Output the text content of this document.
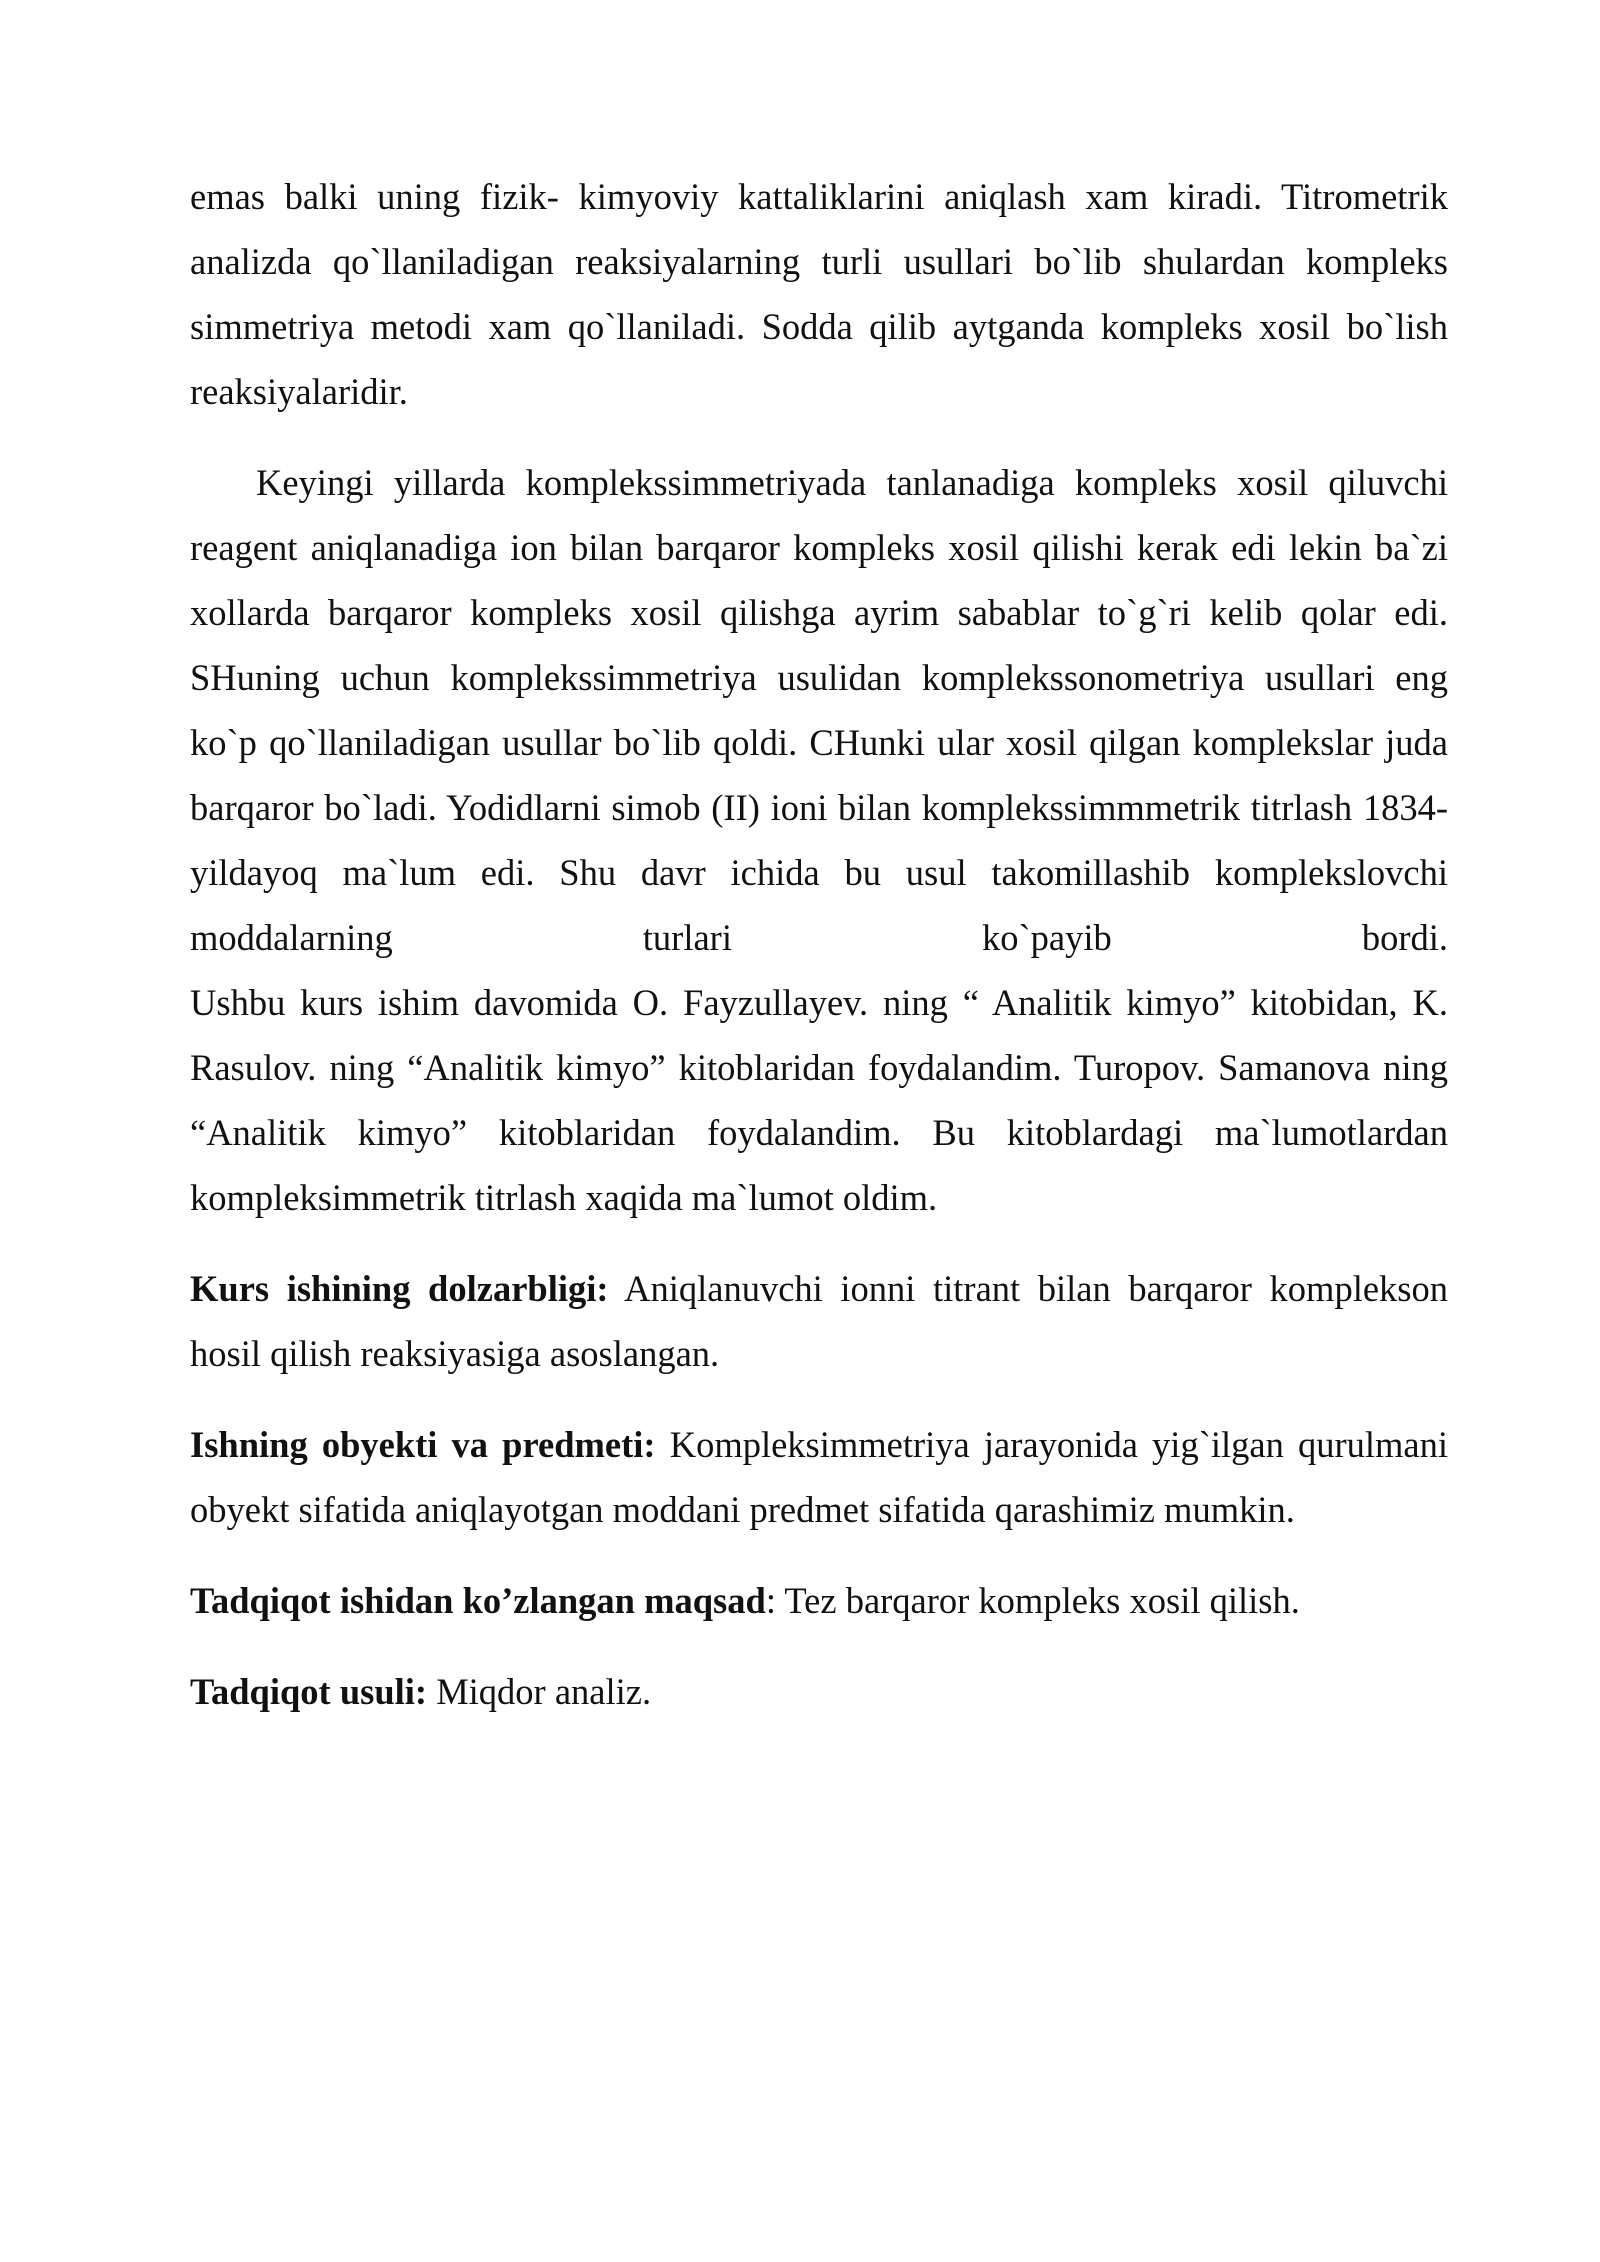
emas balki uning fizik- kimyoviy kattaliklarini aniqlash xam kiradi. Titrometrik analizda qo`llaniladigan reaksiyalarning turli usullari bo`lib shulardan kompleks simmetriya metodi xam qo`llaniladi. Sodda qilib aytganda kompleks xosil bo`lish reaksiyalaridir.

Keyingi yillarda komplekssimmetriyada tanlanadiga kompleks xosil qiluvchi reagent aniqlanadiga ion bilan barqaror kompleks xosil qilishi kerak edi lekin ba`zi xollarda barqaror kompleks xosil qilishga ayrim sabablar to`g`ri kelib qolar edi. SHuning uchun komplekssimmetriya usulidan komplekssonometriya usullari eng ko`p qo`llaniladigan usullar bo`lib qoldi. CHunki ular xosil qilgan komplekslar juda barqaror bo`ladi. Yodidlarni simob (II) ioni bilan komplekssimmmetrik titrlash 1834-yildayoq ma`lum edi. Shu davr ichida bu usul takomillashib komplekslovchi moddalarning turlari ko`payib bordi.
Ushbu kurs ishim davomida O. Fayzullayev. ning “ Analitik kimyo” kitobidan, K. Rasulov. ning “Analitik kimyo” kitoblaridan foydalandim. Turopov. Samanova ning “Analitik kimyo” kitoblaridan foydalandim. Bu kitoblardagi ma`lumotlardan kompleksimmetrik titrlash xaqida ma`lumot oldim.

Kurs ishining dolzarbligi: Aniqlanuvchi ionni titrant bilan barqaror komplekson hosil qilish reaksiyasiga asoslangan.

Ishning obyekti va predmeti: Kompleksimmetriya jarayonida yig`ilgan qurulmani obyekt sifatida aniqlayotgan moddani predmet sifatida qarashimiz mumkin.

Tadqiqot ishidan ko’zlangan maqsad: Tez barqaror kompleks xosil qilish.

Tadqiqot usuli: Miqdor analiz.
